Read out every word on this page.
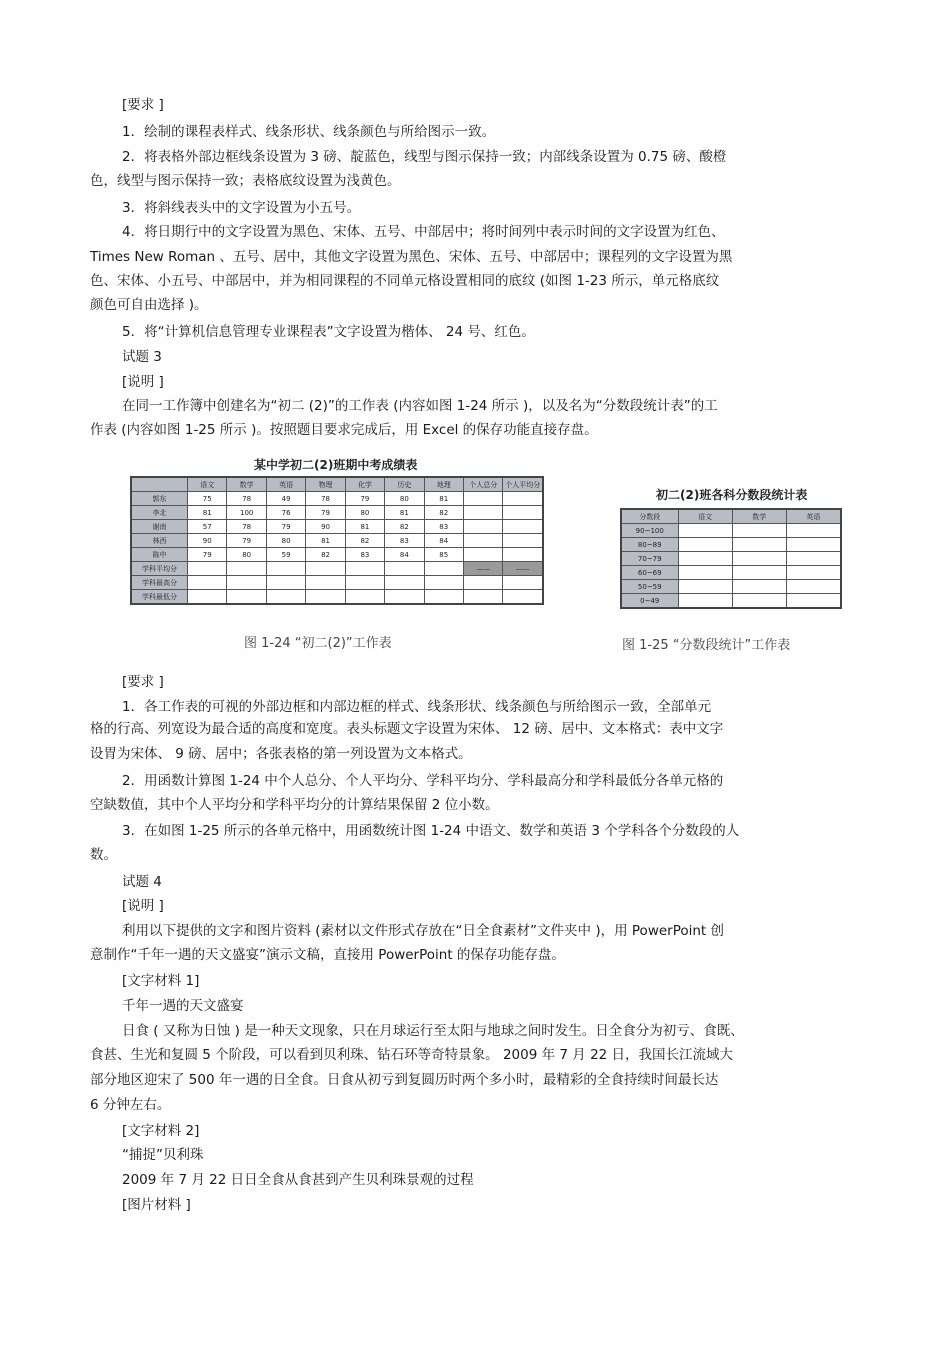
[要求 ]
1．绘制的课程表样式、线条形状、线条颜色与所给图示一致。
2．将表格外部边框线条设置为 3 磅、靛蓝色，线型与图示保持一致；内部线条设置为 0.75 磅、酸橙
色，线型与图示保持一致；表格底纹设置为浅黄色。
3．将斜线表头中的文字设置为小五号。
4．将日期行中的文字设置为黑色、宋体、五号、中部居中；将时间列中表示时间的文字设置为红色、
Times New Roman 、五号、居中，其他文字设置为黑色、宋体、五号、中部居中；课程列的文字设置为黑
色、宋体、小五号、中部居中，并为相同课程的不同单元格设置相同的底纹 (如图 1-23 所示，单元格底纹
颜色可自由选择 )。
5．将“计算机信息管理专业课程表”文字设置为楷体、 24 号、红色。
试题 3
[说明 ]
在同一工作簿中创建名为“初二 (2)”的工作表 (内容如图 1-24 所示 )，以及名为“分数段统计表”的工
作表 (内容如图 1-25 所示 )。按照题目要求完成后，用 Excel 的保存功能直接存盘。
某中学初二(2)班期中考成绩表
	语文	数学	英语	物理	化学	历史	地理	个人总分	个人平均分
郭东	75	78	49	78	79	80	81		
李北	81	100	76	79	80	81	82		
谢南	57	78	79	90	81	82	83		
林西	90	79	80	81	82	83	84		
陈中	79	80	59	82	83	84	85		
学科平均分								——	——
学科最高分									
学科最低分									
图 1-24 “初二(2)”工作表
初二(2)班各科分数段统计表
分数段	语文	数学	英语
90~100			
80~89			
70~79			
60~69			
50~59			
0~49			
图 1-25 “分数段统计”工作表
[要求 ]
1．各工作表的可视的外部边框和内部边框的样式、线条形状、线条颜色与所给图示一致，全部单元
格的行高、列宽设为最合适的高度和宽度。表头标题文字设置为宋体、 12 磅、居中、文本格式：表中文字
设胃为宋体、 9 磅、居中；各张表格的第一列设置为文本格式。
2．用函数计算图 1-24 中个人总分、个人平均分、学科平均分、学科最高分和学科最低分各单元格的
空缺数值，其中个人平均分和学科平均分的计算结果保留 2 位小数。
3．在如图 1-25 所示的各单元格中，用函数统计图 1-24 中语文、数学和英语 3 个学科各个分数段的人
数。
试题 4
[说明 ]
利用以下提供的文字和图片资料 (素材以文件形式存放在“日全食素材”文件夹中 )，用 PowerPoint 创
意制作“千年一遇的天文盛宴”演示文稿，直接用 PowerPoint 的保存功能存盘。
[文字材料 1]
千年一遇的天文盛宴
日食 ( 又称为日蚀 ) 是一种天文现象，只在月球运行至太阳与地球之间时发生。日全食分为初亏、食既、
食甚、生光和复圆 5 个阶段，可以看到贝利珠、钻石环等奇特景象。 2009 年 7 月 22 日，我国长江流域大
部分地区迎宋了 500 年一遇的日全食。日食从初亏到复圆历时两个多小时，最精彩的全食持续时间最长达
6 分钟左右。
[文字材料 2]
“捕捉”贝利珠
2009 年 7 月 22 日日全食从食甚到产生贝利珠景观的过程
[图片材料 ]
